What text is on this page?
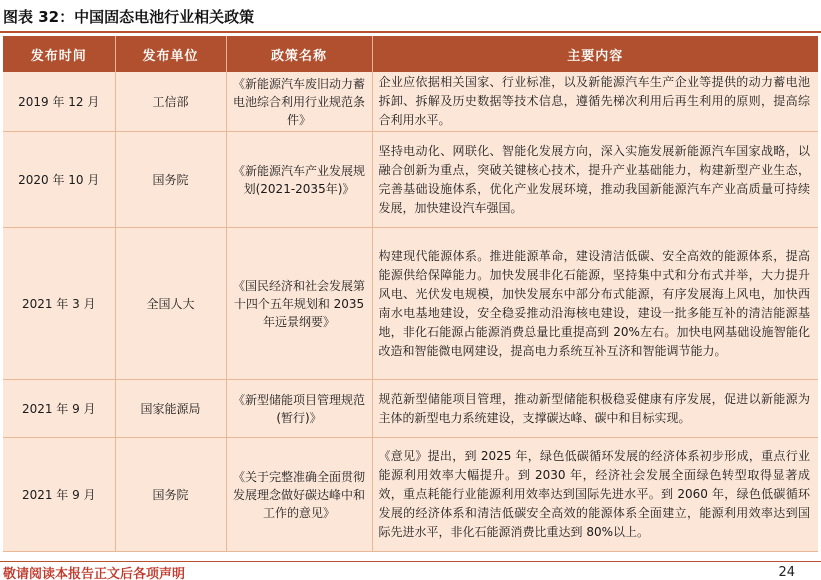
图表 32：中国固态电池行业相关政策
发布时间	发布单位	政策名称	主要内容
2019 年 12 月	工信部	《新能源汽车废旧动力蓄电池综合利用行业规范条件》	企业应依据相关国家、行业标准，以及新能源汽车生产企业等提供的动力蓄电池拆卸、拆解及历史数据等技术信息，遵循先梯次利用后再生利用的原则，提高综合利用水平。
2020 年 10 月	国务院	《新能源汽车产业发展规划(2021-2035年)》	坚持电动化、网联化、智能化发展方向，深入实施发展新能源汽车国家战略，以融合创新为重点，突破关键核心技术，提升产业基础能力，构建新型产业生态，完善基础设施体系，优化产业发展环境，推动我国新能源汽车产业高质量可持续发展，加快建设汽车强国。
2021 年 3 月	全国人大	《国民经济和社会发展第十四个五年规划和 2035 年远景纲要》	构建现代能源体系。推进能源革命，建设清洁低碳、安全高效的能源体系，提高能源供给保障能力。加快发展非化石能源，坚持集中式和分布式并举，大力提升风电、光伏发电规模，加快发展东中部分布式能源，有序发展海上风电，加快西南水电基地建设，安全稳妥推动沿海核电建设，建设一批多能互补的清洁能源基地，非化石能源占能源消费总量比重提高到 20%左右。加快电网基础设施智能化改造和智能微电网建设，提高电力系统互补互济和智能调节能力。
2021 年 9 月	国家能源局	《新型储能项目管理规范(暂行)》	规范新型储能项目管理，推动新型储能积极稳妥健康有序发展，促进以新能源为主体的新型电力系统建设，支撑碳达峰、碳中和目标实现。
2021 年 9 月	国务院	《关于完整准确全面贯彻发展理念做好碳达峰中和工作的意见》	《意见》提出，到 2025 年，绿色低碳循环发展的经济体系初步形成，重点行业能源利用效率大幅提升。到 2030 年，经济社会发展全面绿色转型取得显著成效，重点耗能行业能源利用效率达到国际先进水平。到 2060 年，绿色低碳循环发展的经济体系和清洁低碳安全高效的能源体系全面建立，能源利用效率达到国际先进水平，非化石能源消费比重达到 80%以上。
敬请阅读本报告正文后各项声明	24
